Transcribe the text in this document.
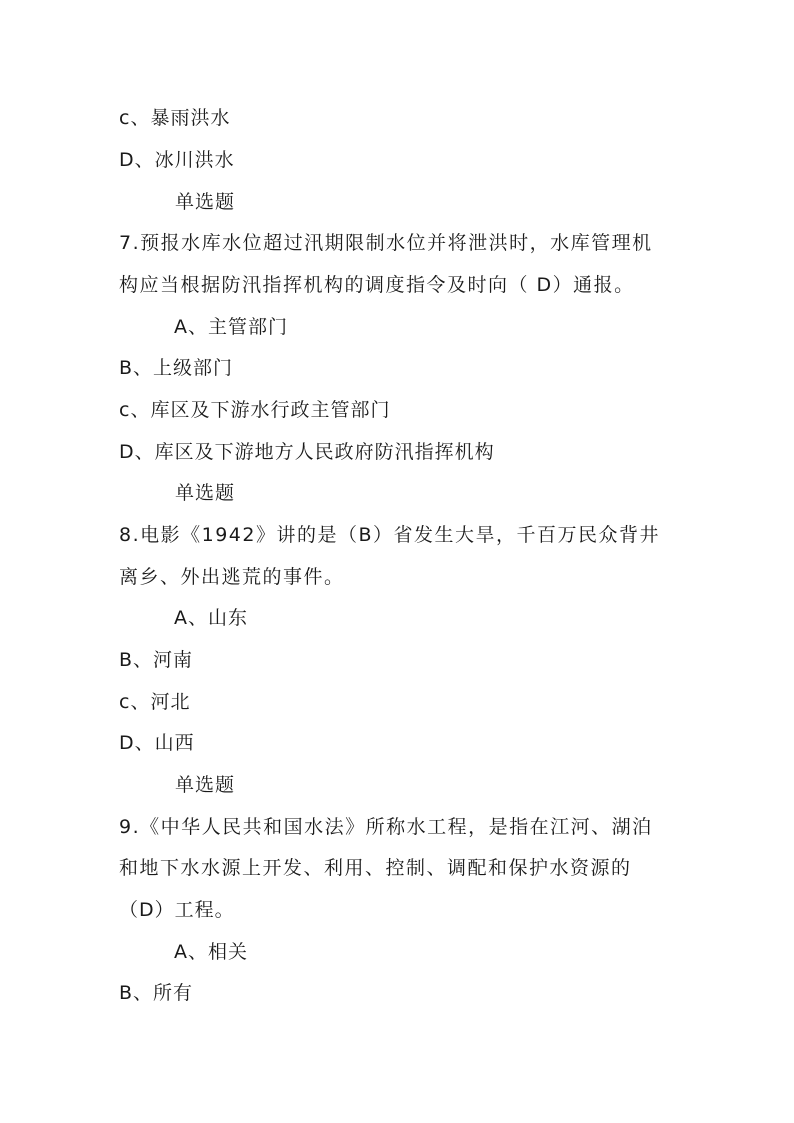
c、暴雨洪水
D、冰川洪水
单选题
7.预报水库水位超过汛期限制水位并将泄洪时，水库管理机
构应当根据防汛指挥机构的调度指令及时向（ D）通报。
A、主管部门
B、上级部门
c、库区及下游水行政主管部门
D、库区及下游地方人民政府防汛指挥机构
单选题
8.电影《1942》讲的是（B）省发生大旱，千百万民众背井
离乡、外出逃荒的事件。
A、山东
B、河南
c、河北
D、山西
单选题
9.《中华人民共和国水法》所称水工程，是指在江河、湖泊
和地下水水源上开发、利用、控制、调配和保护水资源的
（D）工程。
A、相关
B、所有
